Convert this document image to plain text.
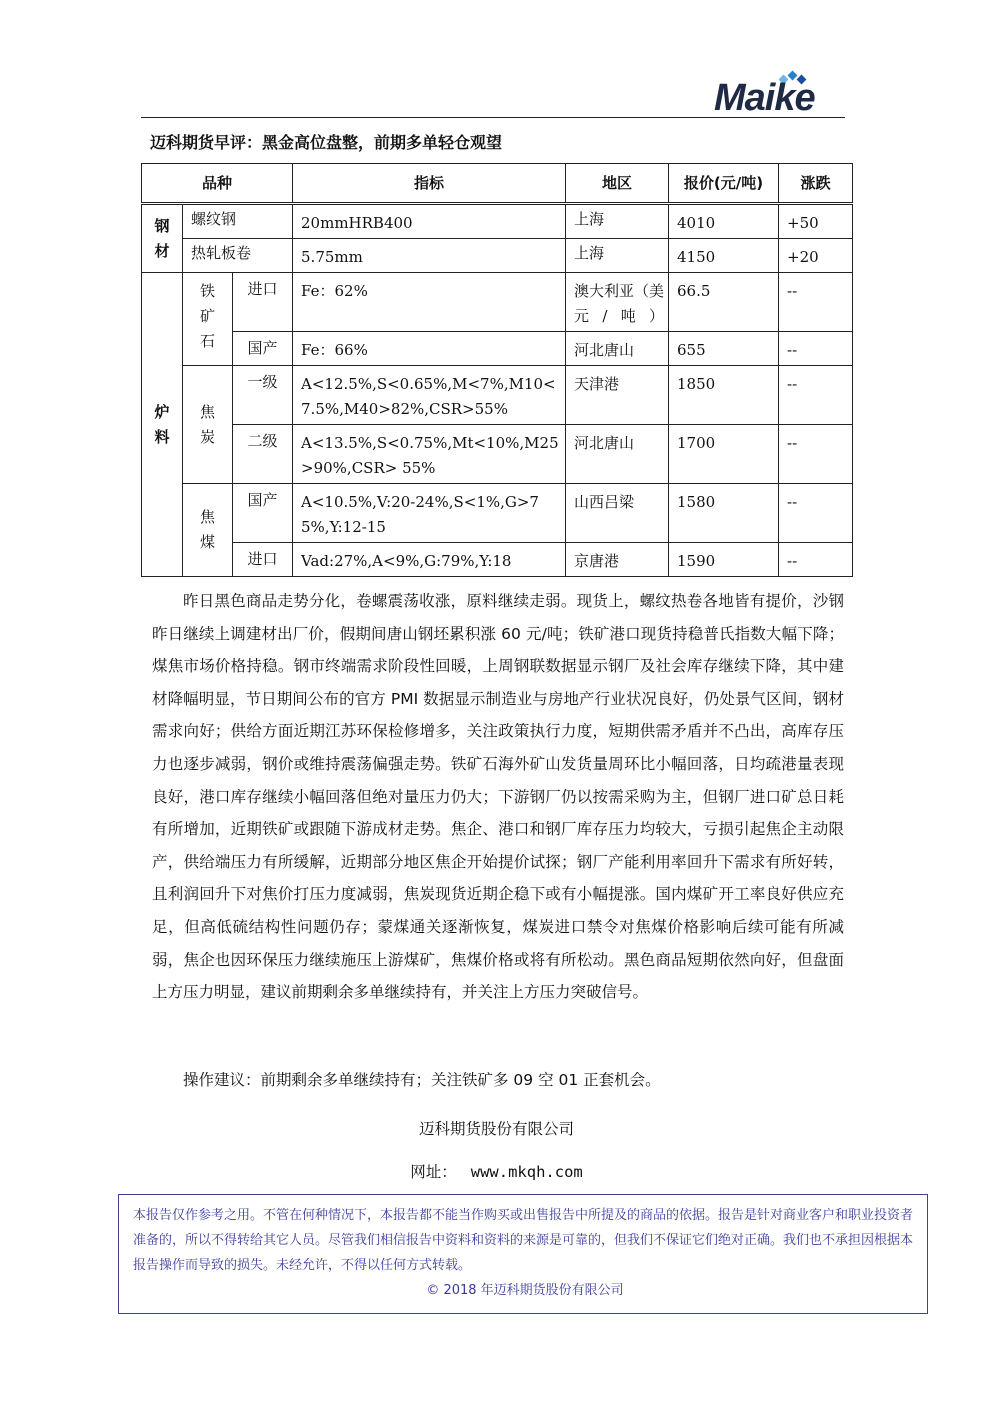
Maike
迈科期货早评：黑金高位盘整，前期多单轻仓观望
品种			指标	地区	报价(元/吨)	涨跌
钢材	螺纹钢		20mmHRB400	上海	4010	+50
	热轧板卷		5.75mm	上海	4150	+20
炉料	铁矿石	进口	Fe：62%	澳大利亚（美元/吨）	66.5	--
		国产	Fe：66%	河北唐山	655	--
	焦炭	一级	A<12.5%,S<0.65%,M<7%,M10<7.5%,M40>82%,CSR>55%	天津港	1850	--
		二级	A<13.5%,S<0.75%,Mt<10%,M25>90%,CSR> 55%	河北唐山	1700	--
	焦煤	国产	A<10.5%,V:20-24%,S<1%,G>75%,Y:12-15	山西吕梁	1580	--
		进口	Vad:27%,A<9%,G:79%,Y:18	京唐港	1590	--
昨日黑色商品走势分化，卷螺震荡收涨，原料继续走弱。现货上，螺纹热卷各地皆有提价，沙钢昨日继续上调建材出厂价，假期间唐山钢坯累积涨 60 元/吨；铁矿港口现货持稳普氏指数大幅下降；煤焦市场价格持稳。钢市终端需求阶段性回暖，上周钢联数据显示钢厂及社会库存继续下降，其中建材降幅明显，节日期间公布的官方 PMI 数据显示制造业与房地产行业状况良好，仍处景气区间，钢材需求向好；供给方面近期江苏环保检修增多，关注政策执行力度，短期供需矛盾并不凸出，高库存压力也逐步减弱，钢价或维持震荡偏强走势。铁矿石海外矿山发货量周环比小幅回落，日均疏港量表现良好，港口库存继续小幅回落但绝对量压力仍大；下游钢厂仍以按需采购为主，但钢厂进口矿总日耗有所增加，近期铁矿或跟随下游成材走势。焦企、港口和钢厂库存压力均较大，亏损引起焦企主动限产，供给端压力有所缓解，近期部分地区焦企开始提价试探；钢厂产能利用率回升下需求有所好转，且利润回升下对焦价打压力度减弱，焦炭现货近期企稳下或有小幅提涨。国内煤矿开工率良好供应充足，但高低硫结构性问题仍存；蒙煤通关逐渐恢复，煤炭进口禁令对焦煤价格影响后续可能有所减弱，焦企也因环保压力继续施压上游煤矿，焦煤价格或将有所松动。黑色商品短期依然向好，但盘面上方压力明显，建议前期剩余多单继续持有，并关注上方压力突破信号。
操作建议：前期剩余多单继续持有；关注铁矿多 09 空 01 正套机会。
迈科期货股份有限公司
网址： www.mkqh.com
本报告仅作参考之用。不管在何种情况下，本报告都不能当作购买或出售报告中所提及的商品的依据。报告是针对商业客户和职业投资者准备的，所以不得转给其它人员。尽管我们相信报告中资料和资料的来源是可靠的，但我们不保证它们绝对正确。我们也不承担因根据本报告操作而导致的损失。未经允许，不得以任何方式转载。
© 2018 年迈科期货股份有限公司
